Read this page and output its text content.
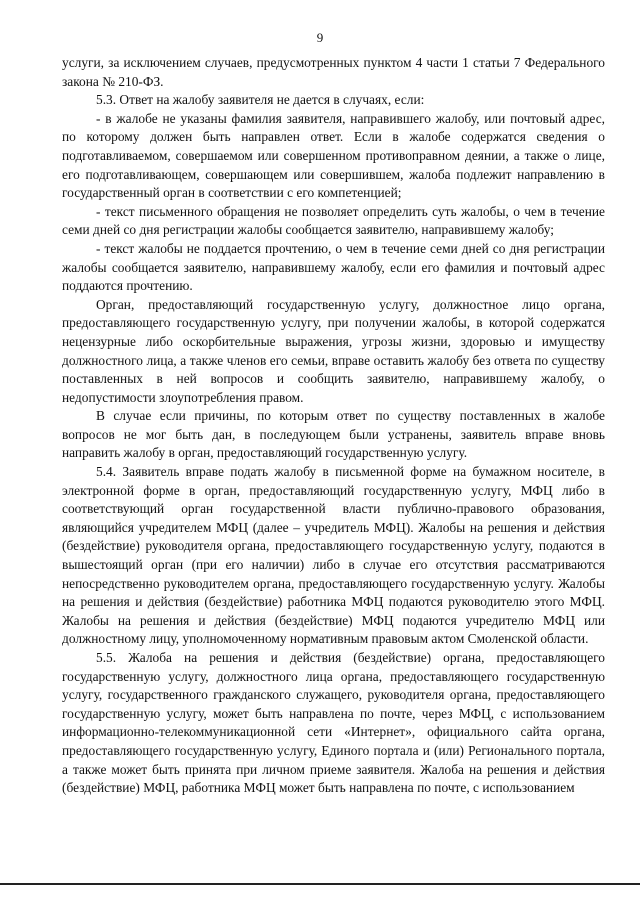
9

услуги, за исключением случаев, предусмотренных пунктом 4 части 1 статьи 7 Федерального закона № 210-ФЗ.

5.3. Ответ на жалобу заявителя не дается в случаях, если:

- в жалобе не указаны фамилия заявителя, направившего жалобу, или почтовый адрес, по которому должен быть направлен ответ. Если в жалобе содержатся сведения о подготавливаемом, совершаемом или совершенном противоправном деянии, а также о лице, его подготавливающем, совершающем или совершившем, жалоба подлежит направлению в государственный орган в соответствии с его компетенцией;

- текст письменного обращения не позволяет определить суть жалобы, о чем в течение семи дней со дня регистрации жалобы сообщается заявителю, направившему жалобу;

- текст жалобы не поддается прочтению, о чем в течение семи дней со дня регистрации жалобы сообщается заявителю, направившему жалобу, если его фамилия и почтовый адрес поддаются прочтению.

Орган, предоставляющий государственную услугу, должностное лицо органа, предоставляющего государственную услугу, при получении жалобы, в которой содержатся нецензурные либо оскорбительные выражения, угрозы жизни, здоровью и имуществу должностного лица, а также членов его семьи, вправе оставить жалобу без ответа по существу поставленных в ней вопросов и сообщить заявителю, направившему жалобу, о недопустимости злоупотребления правом.

В случае если причины, по которым ответ по существу поставленных в жалобе вопросов не мог быть дан, в последующем были устранены, заявитель вправе вновь направить жалобу в орган, предоставляющий государственную услугу.

5.4. Заявитель вправе подать жалобу в письменной форме на бумажном носителе, в электронной форме в орган, предоставляющий государственную услугу, МФЦ либо в соответствующий орган государственной власти публично-правового образования, являющийся учредителем МФЦ (далее – учредитель МФЦ). Жалобы на решения и действия (бездействие) руководителя органа, предоставляющего государственную услугу, подаются в вышестоящий орган (при его наличии) либо в случае его отсутствия рассматриваются непосредственно руководителем органа, предоставляющего государственную услугу. Жалобы на решения и действия (бездействие) работника МФЦ подаются руководителю этого МФЦ. Жалобы на решения и действия (бездействие) МФЦ подаются учредителю МФЦ или должностному лицу, уполномоченному нормативным правовым актом Смоленской области.

5.5. Жалоба на решения и действия (бездействие) органа, предоставляющего государственную услугу, должностного лица органа, предоставляющего государственную услугу, государственного гражданского служащего, руководителя органа, предоставляющего государственную услугу, может быть направлена по почте, через МФЦ, с использованием информационно-телекоммуникационной сети «Интернет», официального сайта органа, предоставляющего государственную услугу, Единого портала и (или) Регионального портала, а также может быть принята при личном приеме заявителя. Жалоба на решения и действия (бездействие) МФЦ, работника МФЦ может быть направлена по почте, с использованием
